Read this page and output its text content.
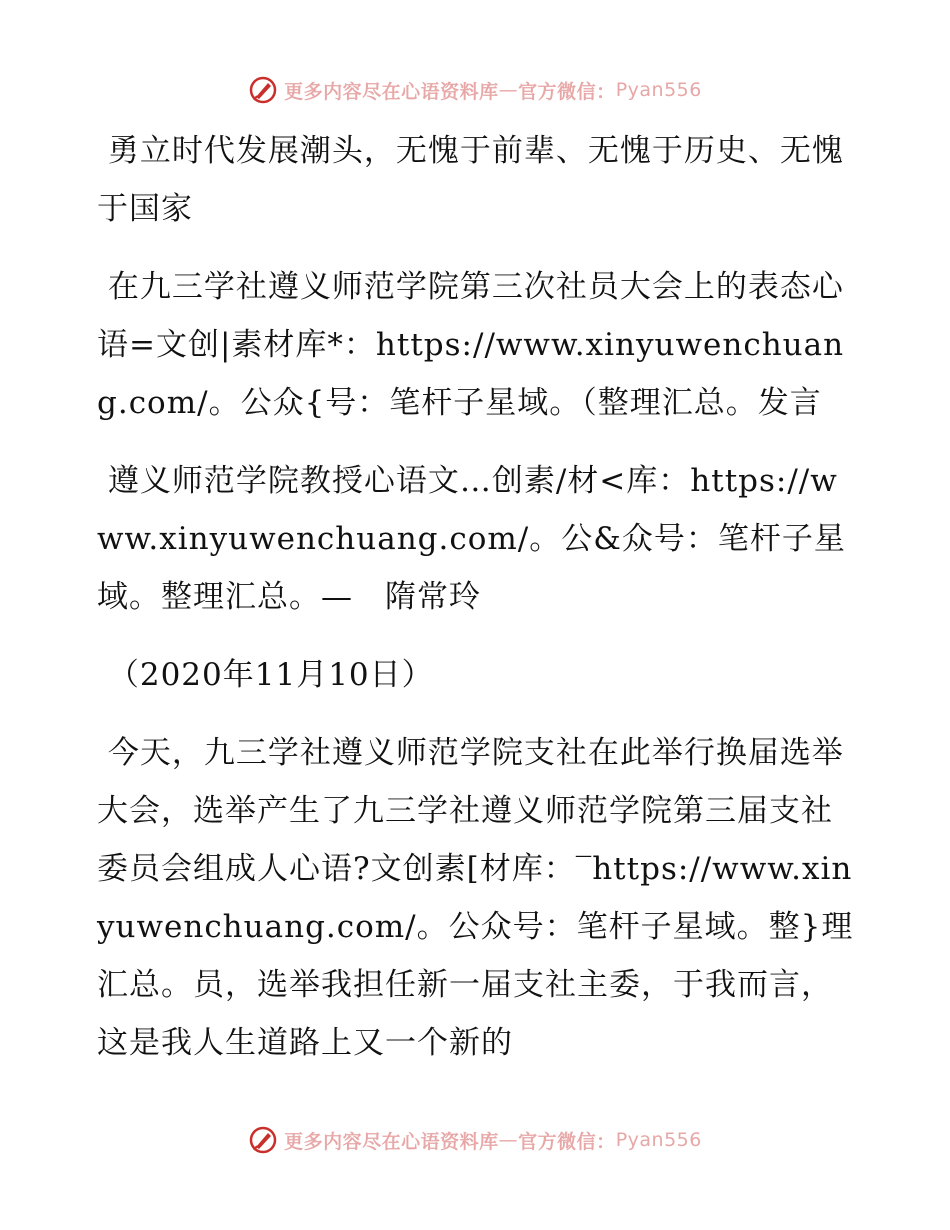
更多内容尽在心语资料库 — 官方微信： Pyan556

勇立时代发展潮头，无愧于前辈、无愧于历史、无愧于国家

在九三学社遵义师范学院第三次社员大会上的表态心语=文创|素材库*：https://www.xinyuwenchuang.com/。公众{号：笔杆子星域。（整理汇总。发言

遵义师范学院教授心语文…创素/材<库：https://www.xinyuwenchuang.com/。公&众号：笔杆子星域。整理汇总。—　隋常玲

（2020年11月10日）

今天，九三学社遵义师范学院支社在此举行换届选举大会，选举产生了九三学社遵义师范学院第三届支社委员会组成人心语?文创素[材库：‾https://www.xinyuwenchuang.com/。公众号：笔杆子星域。整}理汇总。员，选举我担任新一届支社主委，于我而言，这是我人生道路上又一个新的

更多内容尽在心语资料库 — 官方微信： Pyan556
